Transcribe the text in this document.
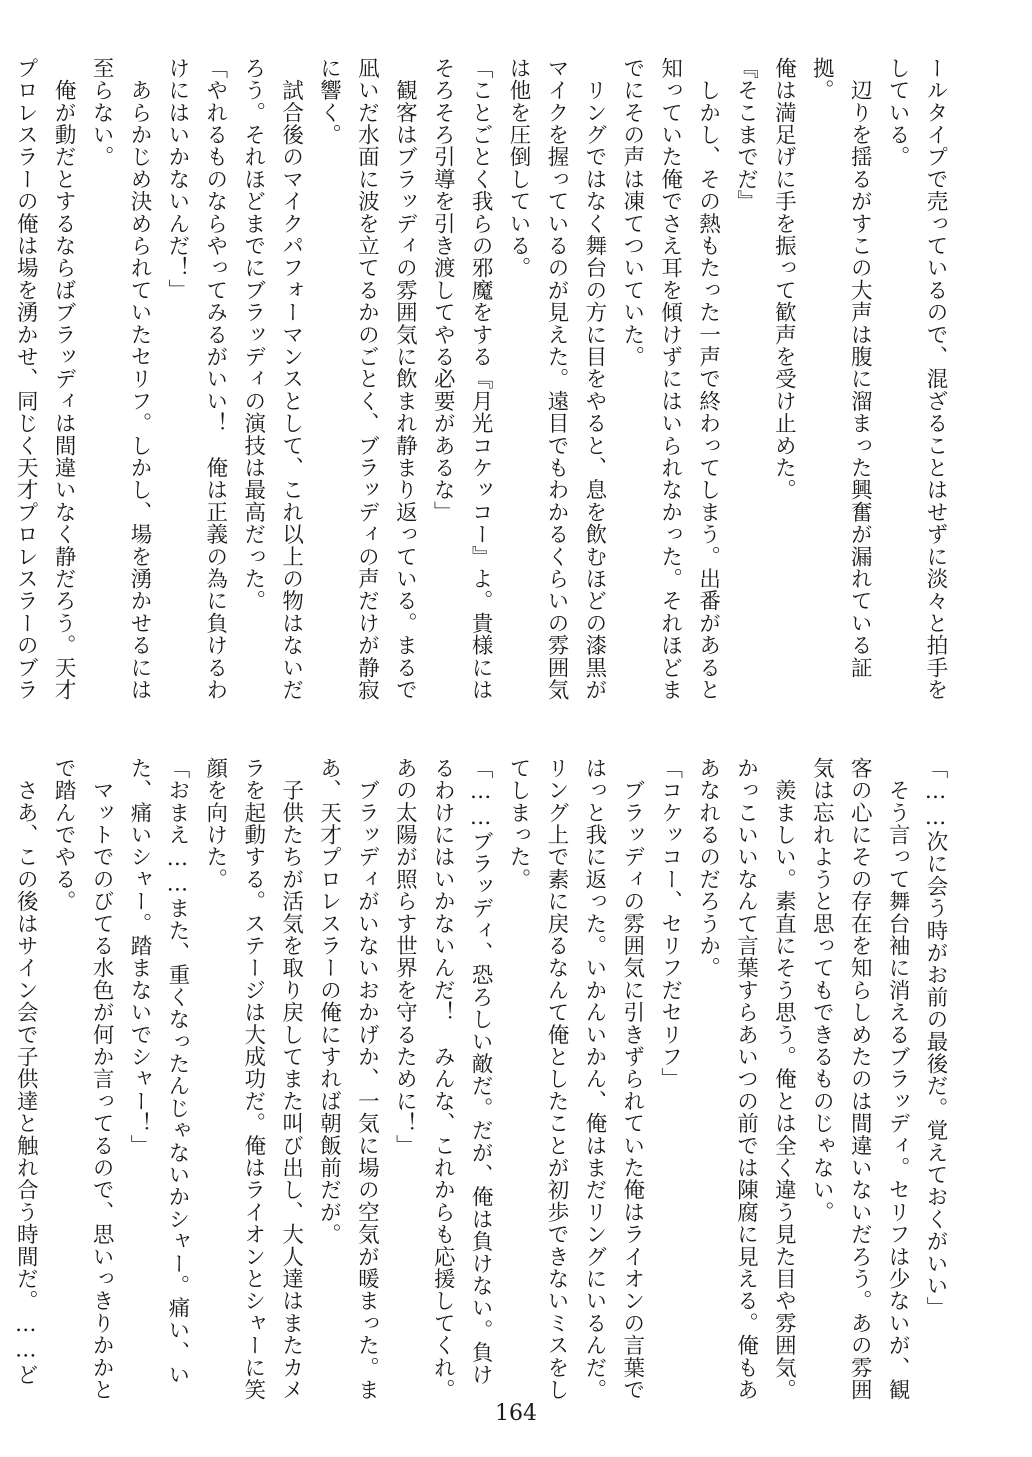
ールタイプで売っているので、混ざることはせずに淡々と拍手をしている。

　辺りを揺るがすこの大声は腹に溜まった興奮が漏れている証拠。

俺は満足げに手を振って歓声を受け止めた。

『そこまでだ』

　しかし、その熱もたった一声で終わってしまう。出番があると知っていた俺でさえ耳を傾けずにはいられなかった。それほどまでにその声は凍てついていた。

　リングではなく舞台の方に目をやると、息を飲むほどの漆黒がマイクを握っているのが見えた。遠目でもわかるくらいの雰囲気は他を圧倒している。

「ことごとく我らの邪魔をする『月光コケッコー』よ。貴様にはそろそろ引導を引き渡してやる必要があるな」

　観客はブラッディの雰囲気に飲まれ静まり返っている。まるで凪いだ水面に波を立てるかのごとく、ブラッディの声だけが静寂に響く。

　試合後のマイクパフォーマンスとして、これ以上の物はないだろう。それほどまでにブラッディの演技は最高だった。

「やれるものならやってみるがいい！　俺は正義の為に負けるわけにはいかないんだ！」

　あらかじめ決められていたセリフ。しかし、場を湧かせるには至らない。

　俺が動だとするならばブラッディは間違いなく静だろう。天才プロレスラーの俺は場を湧かせ、同じく天才プロレスラーのブラ

「……次に会う時がお前の最後だ。覚えておくがいい」

　そう言って舞台袖に消えるブラッディ。セリフは少ないが、観客の心にその存在を知らしめたのは間違いないだろう。あの雰囲気は忘れようと思ってもできるものじゃない。

　羨ましい。素直にそう思う。俺とは全く違う見た目や雰囲気。かっこいいなんて言葉すらあいつの前では陳腐に見える。俺もああなれるのだろうか。

「コケッコー、セリフだセリフ」

　ブラッディの雰囲気に引きずられていた俺はライオンの言葉ではっと我に返った。いかんいかん、俺はまだリングにいるんだ。リング上で素に戻るなんて俺としたことが初歩できないミスをしてしまった。

「……ブラッディ、恐ろしい敵だ。だが、俺は負けない。負けるわけにはいかないんだ！　みんな、これからも応援してくれ。あの太陽が照らす世界を守るために！」

　ブラッディがいないおかげか、一気に場の空気が暖まった。まあ、天才プロレスラーの俺にすれば朝飯前だが。

　子供たちが活気を取り戻してまた叫び出し、大人達はまたカメラを起動する。ステージは大成功だ。俺はライオンとシャーに笑顔を向けた。

「おまえ……また、重くなったんじゃないかシャー。痛い、いた、痛いシャー。踏まないでシャー！」

　マットでのびてる水色が何か言ってるので、思いっきりかかとで踏んでやる。

　さあ、この後はサイン会で子供達と触れ合う時間だ。……ど

164
